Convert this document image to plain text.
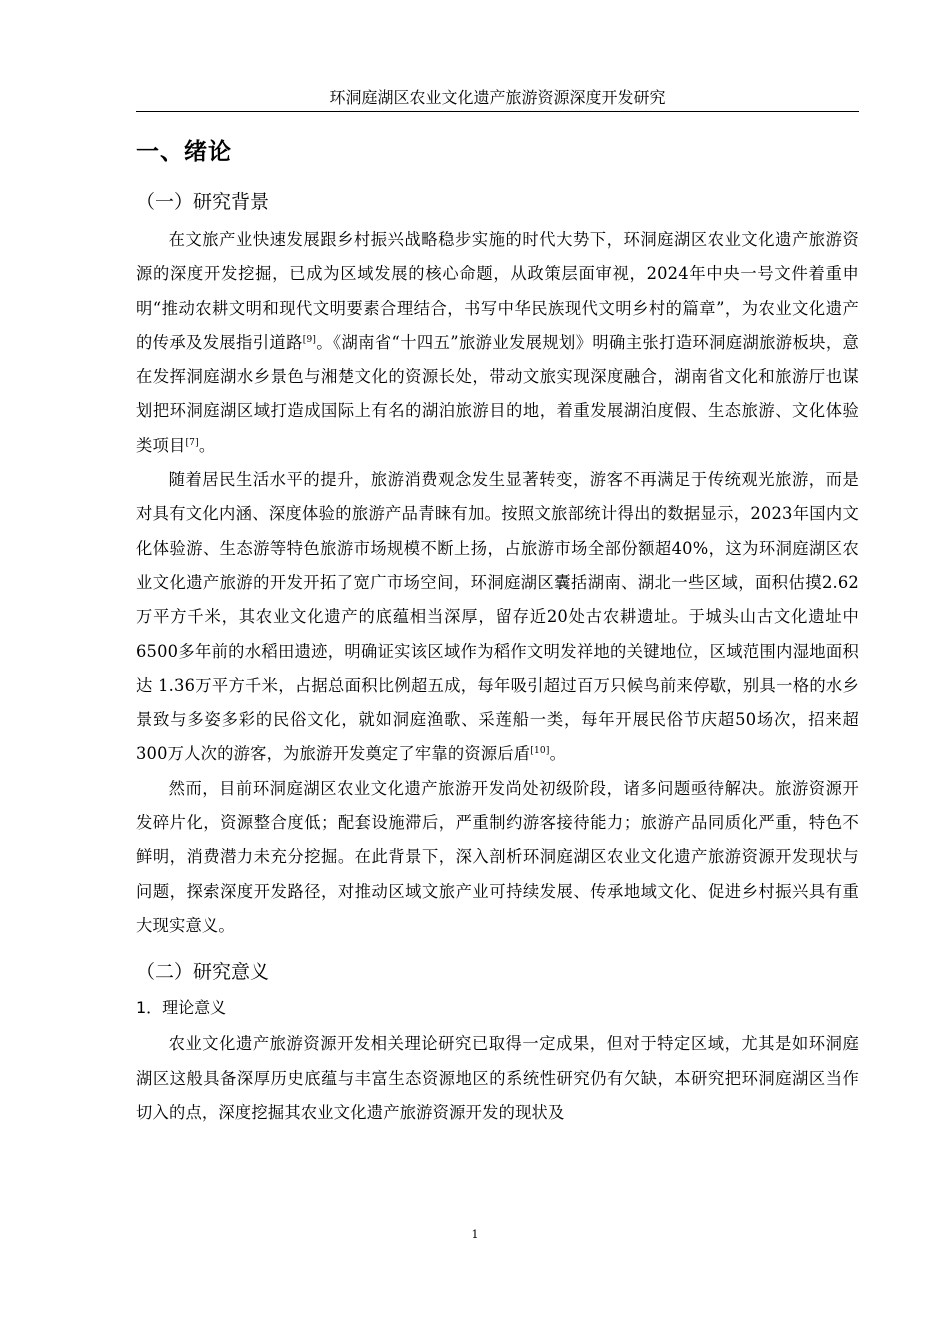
环洞庭湖区农业文化遗产旅游资源深度开发研究
一、绪论
（一）研究背景

在文旅产业快速发展跟乡村振兴战略稳步实施的时代大势下，环洞庭湖区农业文化遗产旅游资源的深度开发挖掘，已成为区域发展的核心命题，从政策层面审视，2024年中央一号文件着重申明“推动农耕文明和现代文明要素合理结合，书写中华民族现代文明乡村的篇章”，为农业文化遗产的传承及发展指引道路[9]。《湖南省“十四五”旅游业发展规划》明确主张打造环洞庭湖旅游板块，意在发挥洞庭湖水乡景色与湘楚文化的资源长处，带动文旅实现深度融合，湖南省文化和旅游厅也谋划把环洞庭湖区域打造成国际上有名的湖泊旅游目的地，着重发展湖泊度假、生态旅游、文化体验类项目[7]。

随着居民生活水平的提升，旅游消费观念发生显著转变，游客不再满足于传统观光旅游，而是对具有文化内涵、深度体验的旅游产品青睐有加。按照文旅部统计得出的数据显示，2023年国内文化体验游、生态游等特色旅游市场规模不断上扬，占旅游市场全部份额超40%，这为环洞庭湖区农业文化遗产旅游的开发开拓了宽广市场空间，环洞庭湖区囊括湖南、湖北一些区域，面积估摸2.62万平方千米，其农业文化遗产的底蕴相当深厚，留存近20处古农耕遗址。于城头山古文化遗址中6500多年前的水稻田遗迹，明确证实该区域作为稻作文明发祥地的关键地位，区域范围内湿地面积达 1.36万平方千米，占据总面积比例超五成，每年吸引超过百万只候鸟前来停歇，别具一格的水乡景致与多姿多彩的民俗文化，就如洞庭渔歌、采莲船一类，每年开展民俗节庆超50场次，招来超300万人次的游客，为旅游开发奠定了牢靠的资源后盾[10]。

然而，目前环洞庭湖区农业文化遗产旅游开发尚处初级阶段，诸多问题亟待解决。旅游资源开发碎片化，资源整合度低；配套设施滞后，严重制约游客接待能力；旅游产品同质化严重，特色不鲜明，消费潜力未充分挖掘。在此背景下，深入剖析环洞庭湖区农业文化遗产旅游资源开发现状与问题，探索深度开发路径，对推动区域文旅产业可持续发展、传承地域文化、促进乡村振兴具有重大现实意义。

（二）研究意义
1．理论意义

农业文化遗产旅游资源开发相关理论研究已取得一定成果，但对于特定区域，尤其是如环洞庭湖区这般具备深厚历史底蕴与丰富生态资源地区的系统性研究仍有欠缺，本研究把环洞庭湖区当作切入的点，深度挖掘其农业文化遗产旅游资源开发的现状及

1
